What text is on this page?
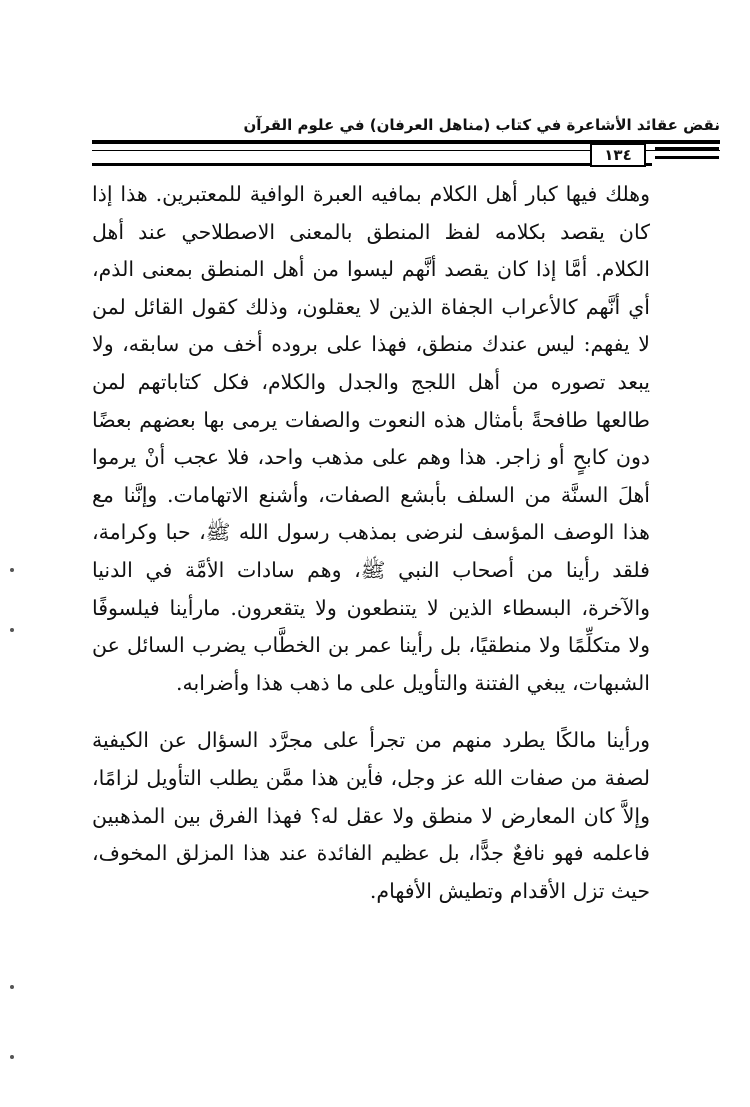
نقض عقائد الأشاعرة في كتاب (مناهل العرفان) في علوم القرآن
١٣٤

وهلك فيها كبار أهل الكلام بمافيه العبرة الوافية للمعتبرين. هذا إذا كان يقصد بكلامه لفظ المنطق بالمعنى الاصطلاحي عند أهل الكلام. أمَّا إذا كان يقصد أنَّهم ليسوا من أهل المنطق بمعنى الذم، أي أنَّهم كالأعراب الجفاة الذين لا يعقلون، وذلك كقول القائل لمن لا يفهم: ليس عندك منطق، فهذا على بروده أخف من سابقه، ولا يبعد تصوره من أهل اللجج والجدل والكلام، فكل كتاباتهم لمن طالعها طافحةً بأمثال هذه النعوت والصفات يرمى بها بعضهم بعضًا دون كابحٍ أو زاجر. هذا وهم على مذهب واحد، فلا عجب أنْ يرموا أهلَ السنَّة من السلف بأبشع الصفات، وأشنع الاتهامات. وإنَّنا مع هذا الوصف المؤسف لنرضى بمذهب رسول الله ﷺ، حبا وكرامة، فلقد رأينا من أصحاب النبي ﷺ، وهم سادات الأمَّة في الدنيا والآخرة، البسطاء الذين لا يتنطعون ولا يتقعرون. مارأينا فيلسوفًا ولا متكلِّمًا ولا منطقيًا، بل رأينا عمر بن الخطَّاب يضرب السائل عن الشبهات، يبغي الفتنة والتأويل على ما ذهب هذا وأضرابه.

ورأينا مالكًا يطرد منهم من تجرأ على مجرَّد السؤال عن الكيفية لصفة من صفات الله عز وجل، فأين هذا ممَّن يطلب التأويل لزامًا، وإلاَّ كان المعارض لا منطق ولا عقل له؟ فهذا الفرق بين المذهبين فاعلمه فهو نافعٌ جدًّا، بل عظيم الفائدة عند هذا المزلق المخوف، حيث تزل الأقدام وتطيش الأفهام.
